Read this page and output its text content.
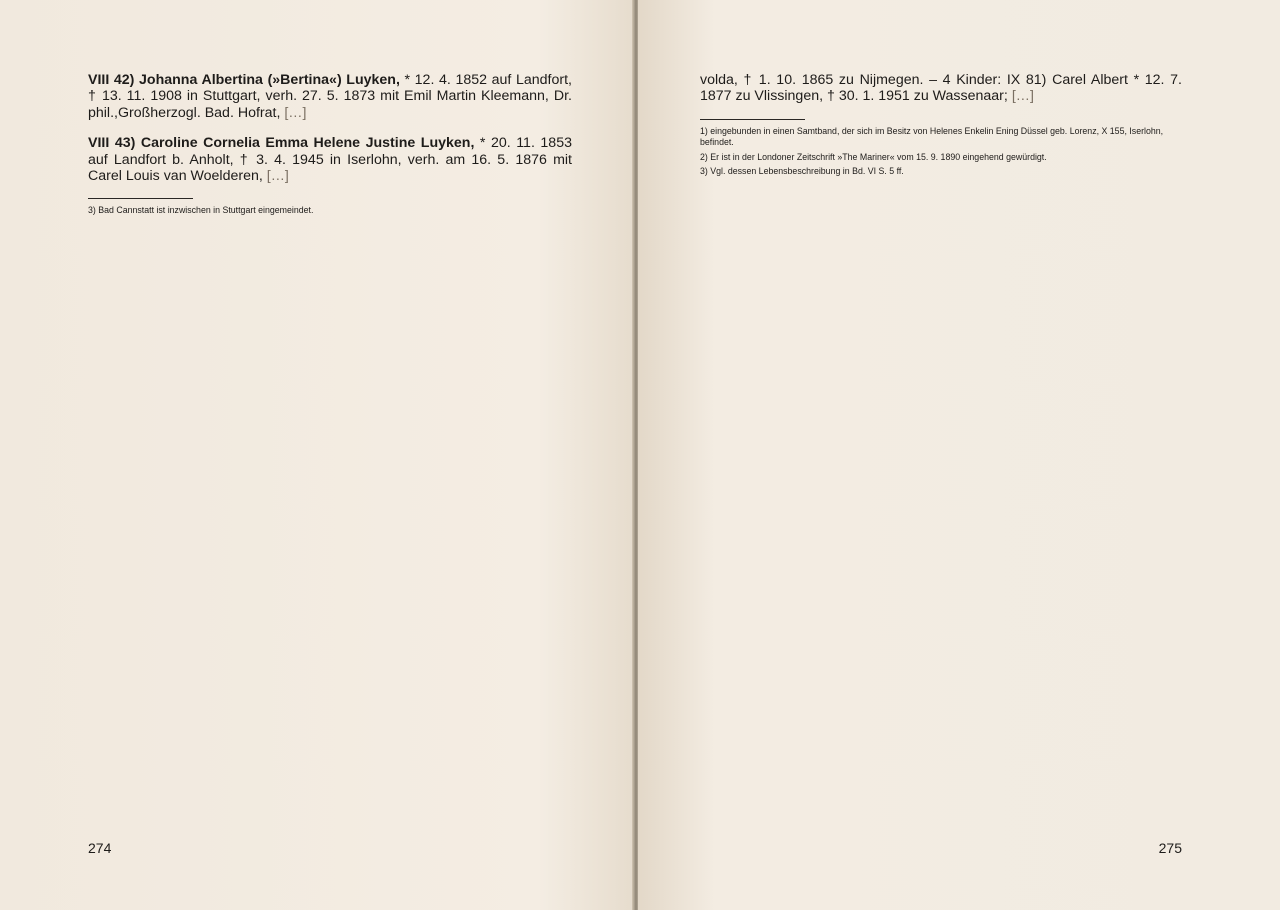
VIII 42) Johanna Albertina (»Bertina«) Luyken, * 12. 4. 1852 auf Landfort, † 13. 11. 1908 in Stuttgart, verh. 27. 5. 1873 mit Emil Martin Kleemann, Dr. phil.,Großherzogl. Bad. Hofrat, […]

VIII 43) Caroline Cornelia Emma Helene Justine Luyken, * 20. 11. 1853 auf Landfort b. Anholt, † 3. 4. 1945 in Iserlohn, verh. am 16. 5. 1876 mit Carel Louis van Woelderen, […]

3) Bad Cannstatt ist inzwischen in Stuttgart eingemeindet.

274

volda, † 1. 10. 1865 zu Nijmegen. – 4 Kinder: IX 81) Carel Albert * 12. 7. 1877 zu Vlissingen, † 30. 1. 1951 zu Wassenaar; […]

1) eingebunden in einen Samtband, der sich im Besitz von Helenes Enkelin Ening Düssel geb. Lorenz, X 155, Iserlohn, befindet.

2) Er ist in der Londoner Zeitschrift »The Mariner« vom 15. 9. 1890 eingehend gewürdigt.

3) Vgl. dessen Lebensbeschreibung in Bd. VI S. 5 ff.

275
